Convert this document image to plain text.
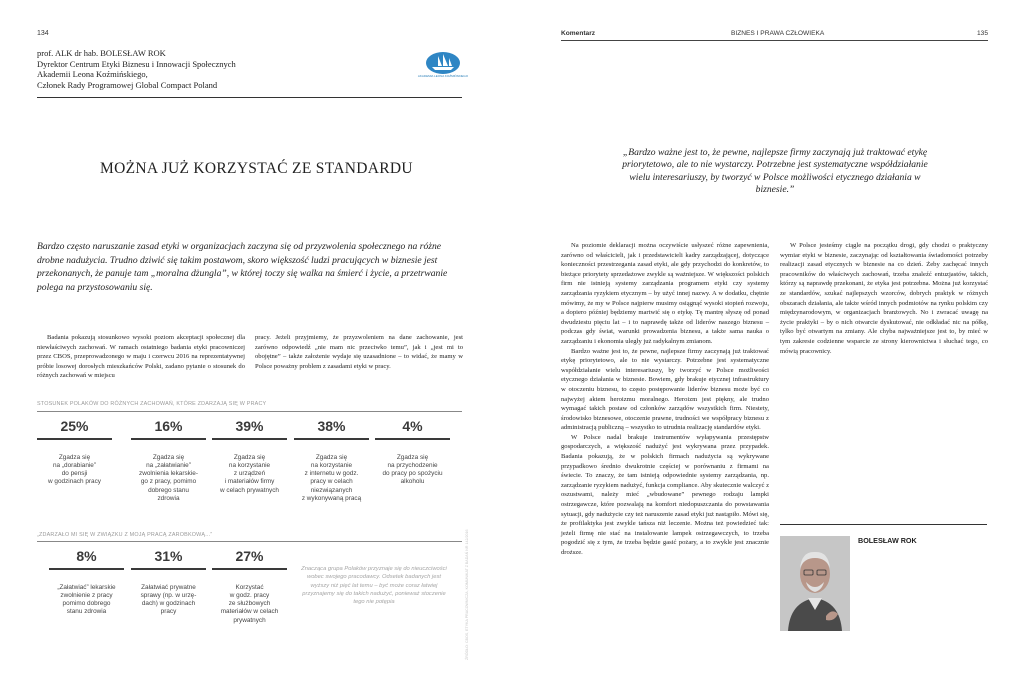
134
prof. ALK dr hab. BOLESŁAW ROK
Dyrektor Centrum Etyki Biznesu i Innowacji Społecznych
Akademii Leona Koźmińskiego,
Członek Rady Programowej Global Compact Poland
AKADEMIA LEONA KOŹMIŃSKIEGO
MOŻNA JUŻ KORZYSTAĆ ZE STANDARDU
Bardzo często naruszanie zasad etyki w organizacjach zaczyna się od przyzwolenia społecznego na różne drobne nadużycia. Trudno dziwić się takim postawom, skoro większość ludzi pracujących w biznesie jest przekonanych, że panuje tam „moralna dżungla”, w której toczy się walka na śmierć i życie, a przetrwanie polega na przystosowaniu się.

Badania pokazują stosunkowo wysoki poziom akceptacji społecznej dla niewłaściwych zachowań. W ramach ostatniego badania etyki pracowniczej przez CBOS, przeprowadzonego w maju i czerwcu 2016 na reprezentatywnej próbie losowej dorosłych mieszkańców Polski, zadano pytanie o stosunek do różnych zachowań w miejscu

pracy. Jeżeli przyjmiemy, że przyzwoleniem na dane zachowanie, jest zarówno odpowiedź „nie mam nic przeciwko temu”, jak i „jest mi to obojętne” – także założenie wydaje się uzasadnione – to widać, że mamy w Polsce poważny problem z zasadami etyki w pracy.

STOSUNEK POLAKÓW DO RÓŻNYCH ZACHOWAŃ, KTÓRE ZDARZAJĄ SIĘ W PRACY
25%
Zgadza się
na „dorabianie”
do pensji
w godzinach pracy
16%
Zgadza się
na „załatwianie”
zwolnienia lekarskie-
go z pracy, pomimo
dobrego stanu
zdrowia
39%
Zgadza się
na korzystanie
z urządzeń
i materiałów firmy
w celach prywatnych
38%
Zgadza się
na korzystanie
z internetu w godz.
pracy w celach
niezwiązanych
z wykonywaną pracą
4%
Zgadza się
na przychodzenie
do pracy po spożyciu
alkoholu
„ZDARZAŁO MI SIĘ W ZWIĄZKU Z MOJĄ PRACĄ ZAROBKOWĄ...”
8%
„Załatwiać” lekarskie
zwolnienie z pracy
pomimo dobrego
stanu zdrowia
31%
Załatwiać prywatne
sprawy (np. w urzę-
dach) w godzinach
pracy
27%
Korzystać
w godz. pracy
ze służbowych
materiałów w celach
prywatnych
Znacząca grupa Polaków przyznaje się do nieuczciwości
wobec swojego pracodawcy. Odsetek badanych jest
wyższy niż pięć lat temu – być może coraz łatwiej
przyznajemy się do takich nadużyć, ponieważ stoczenie
tego nie potępia	ŹRÓDŁO: CBOS, ETYKA PRACOWNICZA, KOMUNIKAT Z BADAŃ NR 142/2016
Komentarz	BIZNES I PRAWA CZŁOWIEKA	135
„Bardzo ważne jest to, że pewne, najlepsze firmy zaczynają już traktować etykę priorytetowo, ale to nie wystarczy. Potrzebne jest systematyczne współdziałanie wielu interesariuszy, by tworzyć w Polsce możliwości etycznego działania w biznesie.”

Na poziomie deklaracji można oczywiście usłyszeć różne zapewnienia, zarówno od właścicieli, jak i przedstawicieli kadry zarządzającej, dotyczące konieczności przestrzegania zasad etyki, ale gdy przychodzi do konkretów, to bieżące priorytety sprzedażowe zwykle są ważniejsze. W większości polskich firm nie istnieją systemy zarządzania programem etyki czy systemy zarządzania ryzykiem etycznym – by użyć innej nazwy. A w dodatku, chętnie mówimy, że my w Polsce najpierw musimy osiągnąć wysoki stopień rozwoju, a dopiero później będziemy martwić się o etykę. Tę mantrę słyszę od ponad dwudziestu pięciu lat – i to naprawdę także od liderów naszego biznesu – podczas gdy świat, warunki prowadzenia biznesu, a także sama nauka o zarządzaniu i ekonomia uległy już radykalnym zmianom.

Bardzo ważne jest to, że pewne, najlepsze firmy zaczynają już traktować etykę priorytetowo, ale to nie wystarczy. Potrzebne jest systematyczne współdziałanie wielu interesariuszy, by tworzyć w Polsce możliwości etycznego działania w biznesie. Bowiem, gdy brakuje etycznej infrastruktury w otoczeniu biznesu, to często postępowanie liderów biznesu może być co najwyżej aktem heroizmu moralnego. Heroizm jest piękny, ale trudno wymagać takich postaw od członków zarządów wszystkich firm. Niestety, środowisko biznesowe, otoczenie prawne, trudności we współpracy biznesu z administracją publiczną – wszystko to utrudnia realizację standardów etyki.

W Polsce nadal brakuje instrumentów wyłapywania przestępstw gospodarczych, a większość nadużyć jest wykrywana przez przypadek. Badania pokazują, że w polskich firmach nadużycia są wykrywane przypadkowo średnio dwukrotnie częściej w porównaniu z firmami na świecie. To znaczy, że tam istnieją odpowiednie systemy zarządzania, np. zarządzanie ryzykiem nadużyć, funkcja compliance. Aby skutecznie walczyć z oszustwami, należy mieć „wbudowane” pewnego rodzaju lampki ostrzegawcze, które pozwalają na komfort niedopuszczania do powstawania sytuacji, gdy nadużycie czy też naruszenie zasad etyki już nastąpiło. Mówi się, że profilaktyka jest zwykle tańsza niż leczenie. Można też powiedzieć tak: jeżeli firmę nie stać na instalowanie lampek ostrzegawczych, to trzeba pogodzić się z tym, że trzeba będzie gasić pożary, a to zwykle jest znacznie droższe.

W Polsce jesteśmy ciągle na początku drogi, gdy chodzi o praktyczny wymiar etyki w biznesie, zaczynając od kształtowania świadomości potrzeby realizacji zasad etycznych w biznesie na co dzień. Żeby zachęcać innych pracowników do właściwych zachowań, trzeba znaleźć entuzjastów, takich, którzy są naprawdę przekonani, że etyka jest potrzebna. Można już korzystać ze standardów, szukać najlepszych wzorców, dobrych praktyk w różnych obszarach działania, ale także wśród innych podmiotów na rynku polskim czy międzynarodowym, w organizacjach branżowych. No i zwracać uwagę na życie praktyki – by o nich otwarcie dyskutować, nie odkładać nic na półkę, tylko być otwartym na zmiany. Ale chyba najważniejsze jest to, by mieć w tym zakresie codzienne wsparcie ze strony kierownictwa i słuchać tego, co mówią pracownicy.

BOLESŁAW ROK
